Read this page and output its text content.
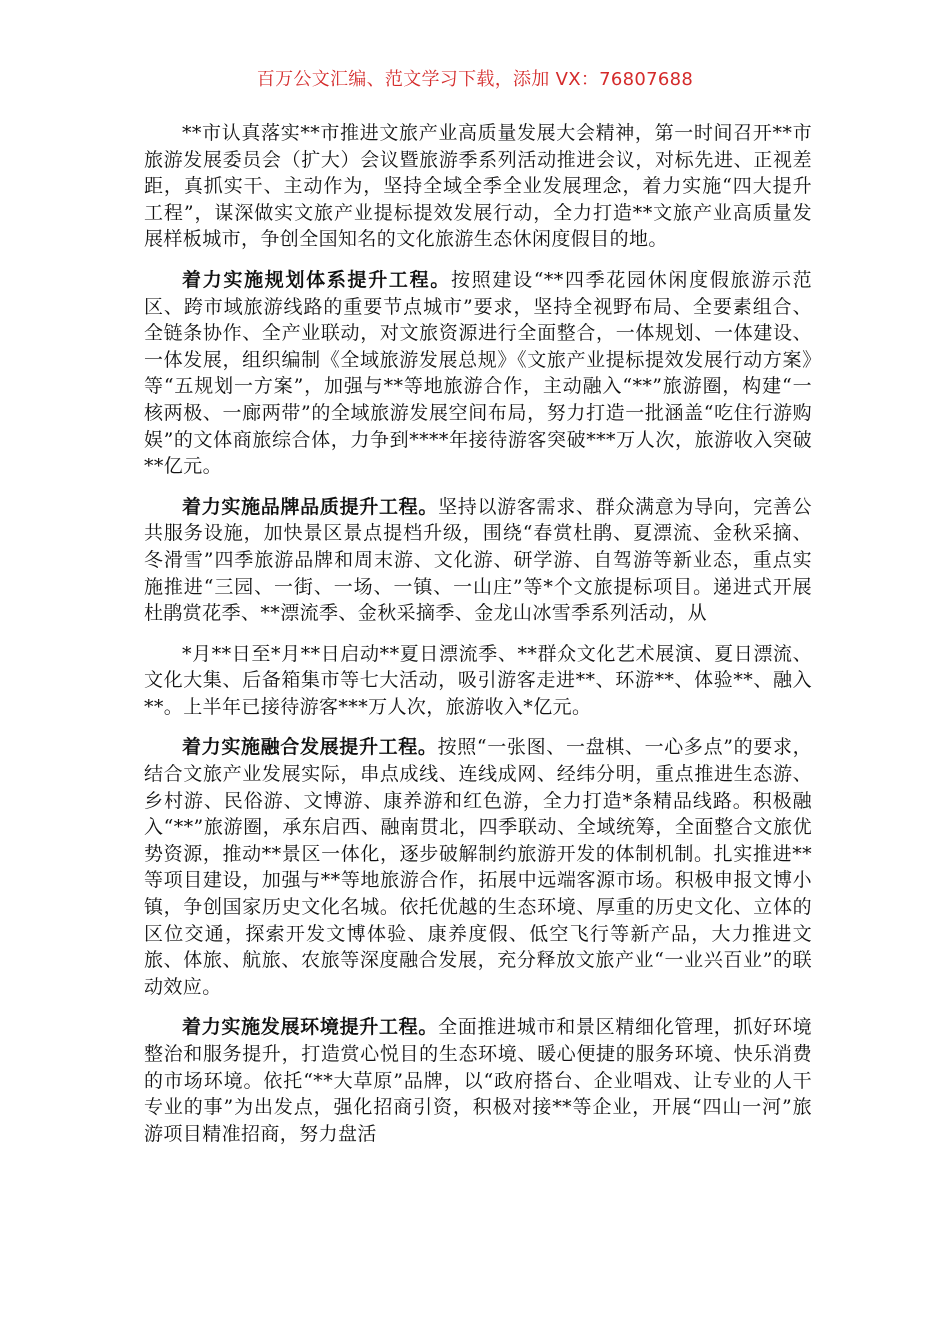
百万公文汇编、范文学习下载，添加 VX：76807688

**市认真落实**市推进文旅产业高质量发展大会精神，第一时间召开**市旅游发展委员会（扩大）会议暨旅游季系列活动推进会议，对标先进、正视差距，真抓实干、主动作为，坚持全域全季全业发展理念，着力实施“四大提升工程”，谋深做实文旅产业提标提效发展行动，全力打造**文旅产业高质量发展样板城市，争创全国知名的文化旅游生态休闲度假目的地。

着力实施规划体系提升工程。按照建设“**四季花园休闲度假旅游示范区、跨市域旅游线路的重要节点城市”要求，坚持全视野布局、全要素组合、全链条协作、全产业联动，对文旅资源进行全面整合，一体规划、一体建设、一体发展，组织编制《全域旅游发展总规》《文旅产业提标提效发展行动方案》等“五规划一方案”，加强与**等地旅游合作，主动融入“**”旅游圈，构建“一核两极、一廊两带”的全域旅游发展空间布局，努力打造一批涵盖“吃住行游购娱”的文体商旅综合体，力争到****年接待游客突破***万人次，旅游收入突破**亿元。

着力实施品牌品质提升工程。坚持以游客需求、群众满意为导向，完善公共服务设施，加快景区景点提档升级，围绕“春赏杜鹃、夏漂流、金秋采摘、冬滑雪”四季旅游品牌和周末游、文化游、研学游、自驾游等新业态，重点实施推进“三园、一街、一场、一镇、一山庄”等*个文旅提标项目。递进式开展杜鹃赏花季、**漂流季、金秋采摘季、金龙山冰雪季系列活动，从

*月**日至*月**日启动**夏日漂流季、**群众文化艺术展演、夏日漂流、文化大集、后备箱集市等七大活动，吸引游客走进**、环游**、体验**、融入**。上半年已接待游客***万人次，旅游收入*亿元。

着力实施融合发展提升工程。按照“一张图、一盘棋、一心多点”的要求，结合文旅产业发展实际，串点成线、连线成网、经纬分明，重点推进生态游、乡村游、民俗游、文博游、康养游和红色游，全力打造*条精品线路。积极融入“**”旅游圈，承东启西、融南贯北，四季联动、全域统筹，全面整合文旅优势资源，推动**景区一体化，逐步破解制约旅游开发的体制机制。扎实推进**等项目建设，加强与**等地旅游合作，拓展中远端客源市场。积极申报文博小镇，争创国家历史文化名城。依托优越的生态环境、厚重的历史文化、立体的区位交通，探索开发文博体验、康养度假、低空飞行等新产品，大力推进文旅、体旅、航旅、农旅等深度融合发展，充分释放文旅产业“一业兴百业”的联动效应。

着力实施发展环境提升工程。全面推进城市和景区精细化管理，抓好环境整治和服务提升，打造赏心悦目的生态环境、暖心便捷的服务环境、快乐消费的市场环境。依托“**大草原”品牌，以“政府搭台、企业唱戏、让专业的人干专业的事”为出发点，强化招商引资，积极对接**等企业，开展“四山一河”旅游项目精准招商，努力盘活
